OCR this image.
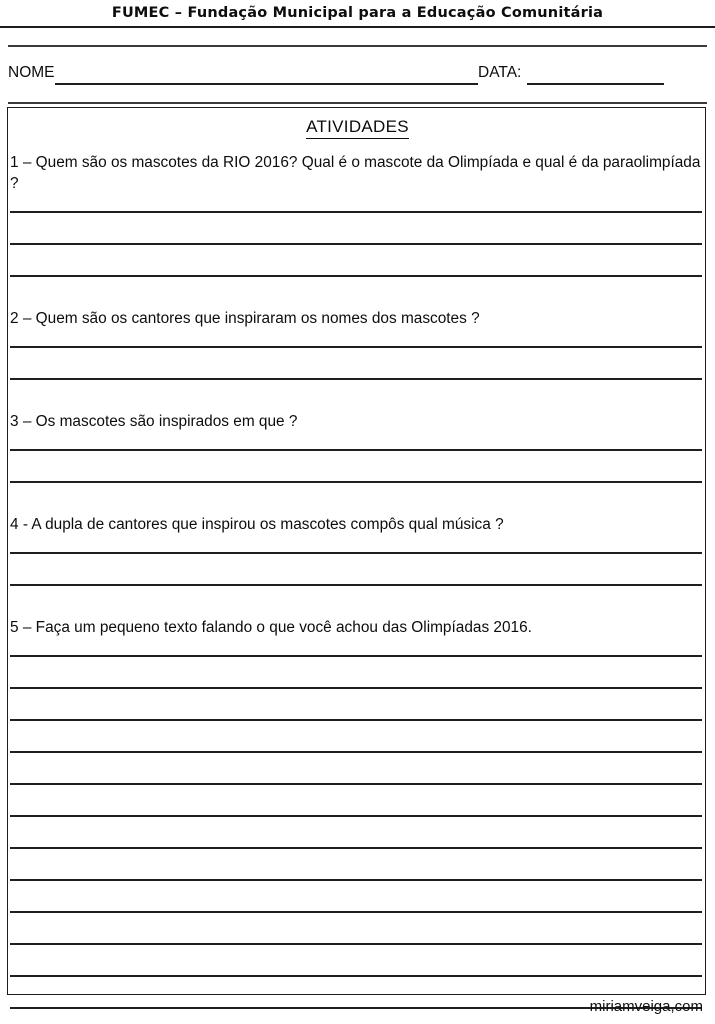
FUMEC – Fundação Municipal para a Educação Comunitária
NOME	DATA:
ATIVIDADES
1 – Quem são os mascotes da RIO 2016? Qual é o mascote da Olimpíada e qual é da paraolimpíada ?
2 – Quem são os cantores que inspiraram os nomes dos mascotes ?
3 – Os mascotes são inspirados em que ?
4 - A dupla de cantores que inspirou os mascotes compôs qual música ?
5 – Faça um pequeno texto falando o que você achou das Olimpíadas 2016.
miriamveiga,com
